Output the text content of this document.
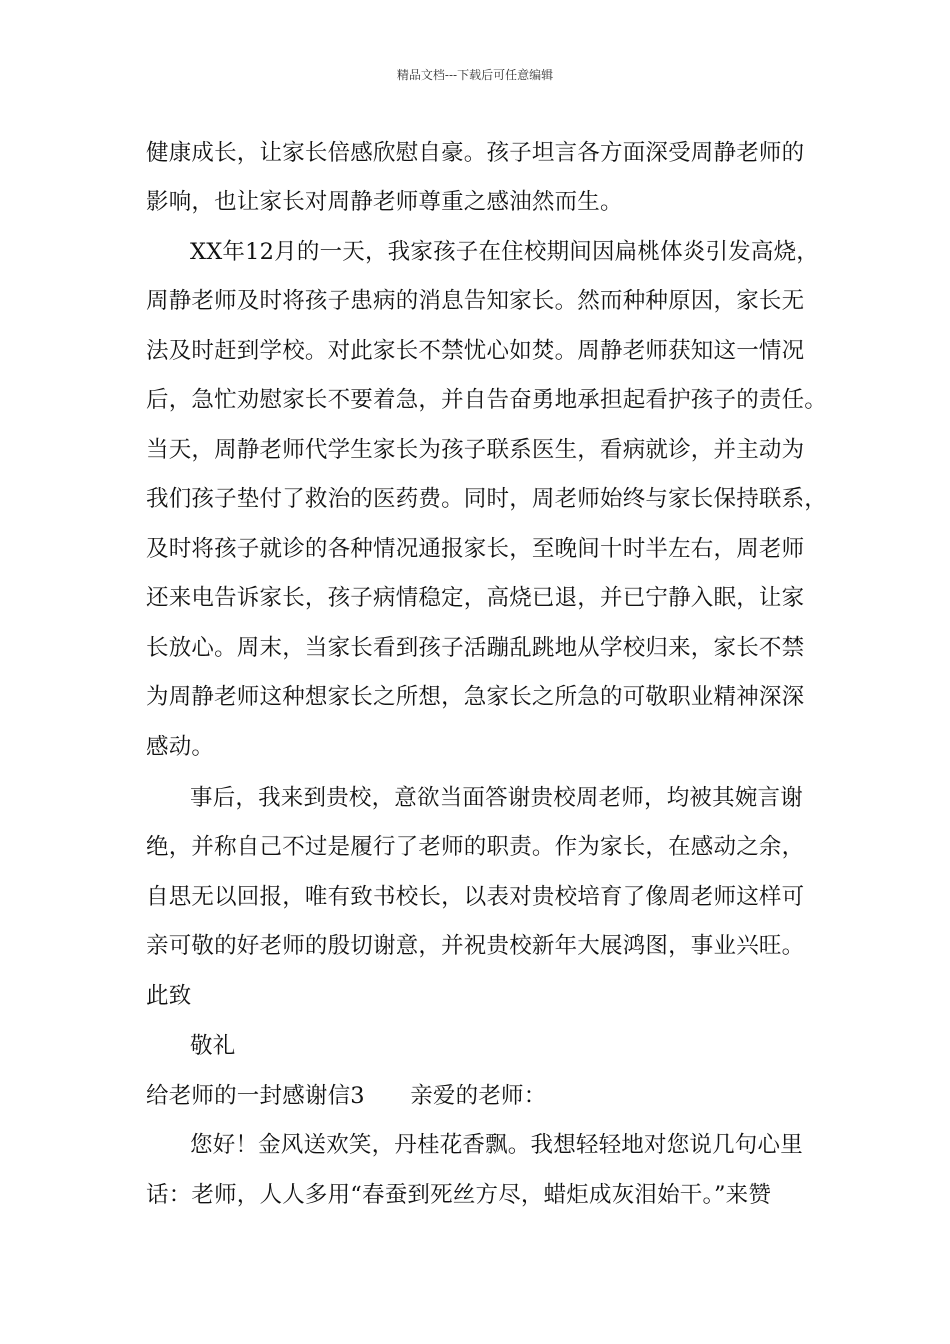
精品文档---下载后可任意编辑
健康成长，让家长倍感欣慰自豪。孩子坦言各方面深受周静老师的
影响，也让家长对周静老师尊重之感油然而生。
XX年12月的一天，我家孩子在住校期间因扁桃体炎引发高烧，
周静老师及时将孩子患病的消息告知家长。然而种种原因，家长无
法及时赶到学校。对此家长不禁忧心如焚。周静老师获知这一情况
后，急忙劝慰家长不要着急，并自告奋勇地承担起看护孩子的责任。
当天，周静老师代学生家长为孩子联系医生，看病就诊，并主动为
我们孩子垫付了救治的医药费。同时，周老师始终与家长保持联系，
及时将孩子就诊的各种情况通报家长，至晚间十时半左右，周老师
还来电告诉家长，孩子病情稳定，高烧已退，并已宁静入眠，让家
长放心。周末，当家长看到孩子活蹦乱跳地从学校归来，家长不禁
为周静老师这种想家长之所想，急家长之所急的可敬职业精神深深
感动。
事后，我来到贵校，意欲当面答谢贵校周老师，均被其婉言谢
绝，并称自己不过是履行了老师的职责。作为家长，在感动之余，
自思无以回报，唯有致书校长，以表对贵校培育了像周老师这样可
亲可敬的好老师的殷切谢意，并祝贵校新年大展鸿图，事业兴旺。
此致
敬礼
给老师的一封感谢信3　　亲爱的老师：
您好！金风送欢笑，丹桂花香飘。我想轻轻地对您说几句心里
话：老师，人人多用“春蚕到死丝方尽，蜡炬成灰泪始干。”来赞
